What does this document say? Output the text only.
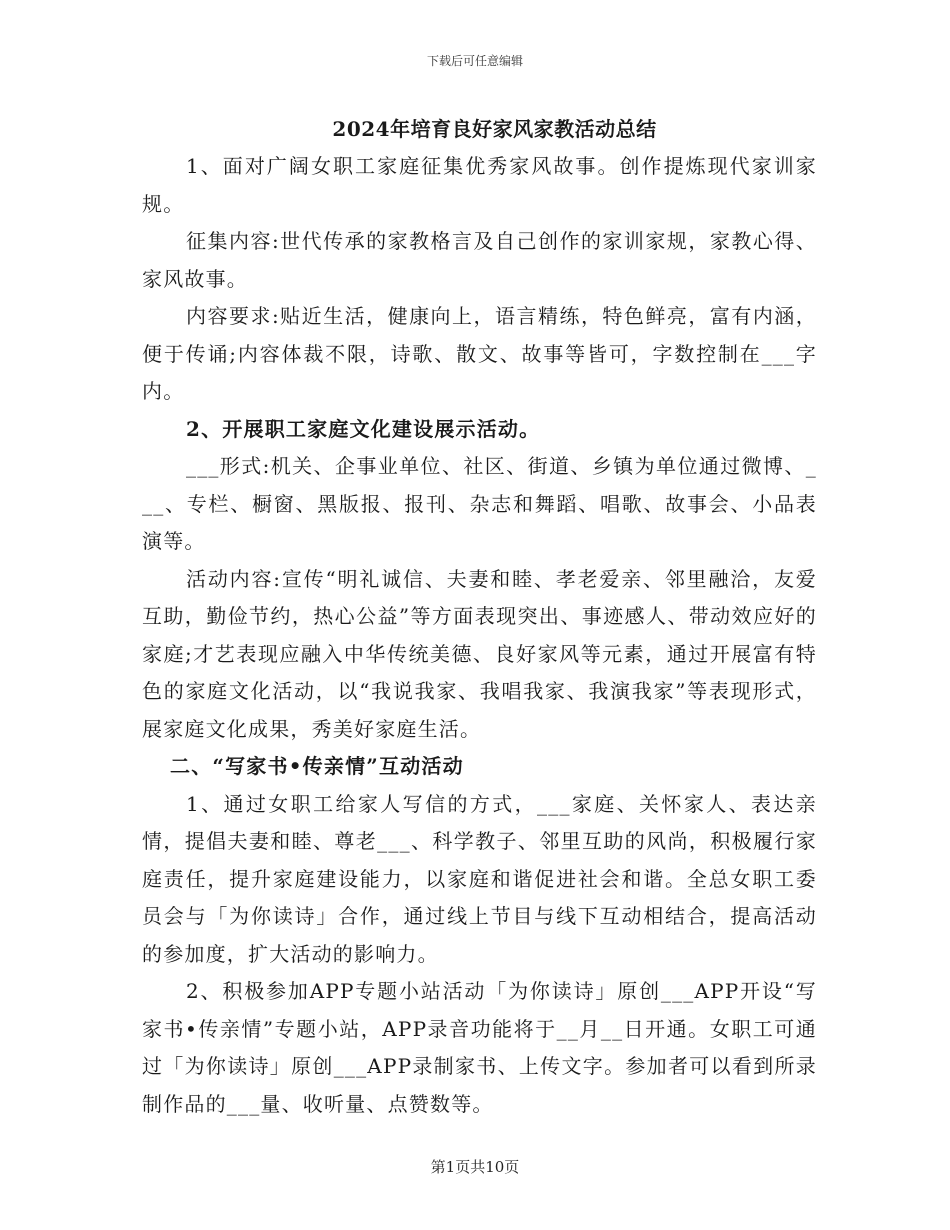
下载后可任意编辑
2024年培育良好家风家教活动总结

1、面对广阔女职工家庭征集优秀家风故事。创作提炼现代家训家规。

征集内容:世代传承的家教格言及自己创作的家训家规，家教心得、家风故事。

内容要求:贴近生活，健康向上，语言精练，特色鲜亮，富有内涵，便于传诵;内容体裁不限，诗歌、散文、故事等皆可，字数控制在___字内。

2、开展职工家庭文化建设展示活动。

___形式:机关、企事业单位、社区、街道、乡镇为单位通过微博、___、专栏、橱窗、黑版报、报刊、杂志和舞蹈、唱歌、故事会、小品表演等。

活动内容:宣传“明礼诚信、夫妻和睦、孝老爱亲、邻里融洽，友爱互助，勤俭节约，热心公益”等方面表现突出、事迹感人、带动效应好的家庭;才艺表现应融入中华传统美德、良好家风等元素，通过开展富有特色的家庭文化活动，以“我说我家、我唱我家、我演我家”等表现形式，展家庭文化成果，秀美好家庭生活。

二、“写家书•传亲情”互动活动

1、通过女职工给家人写信的方式，___家庭、关怀家人、表达亲情，提倡夫妻和睦、尊老___、科学教子、邻里互助的风尚，积极履行家庭责任，提升家庭建设能力，以家庭和谐促进社会和谐。全总女职工委员会与「为你读诗」合作，通过线上节目与线下互动相结合，提高活动的参加度，扩大活动的影响力。

2、积极参加APP专题小站活动「为你读诗」原创___APP开设“写家书•传亲情”专题小站，APP录音功能将于__月__日开通。女职工可通过「为你读诗」原创___APP录制家书、上传文字。参加者可以看到所录制作品的___量、收听量、点赞数等。

第1页共10页
